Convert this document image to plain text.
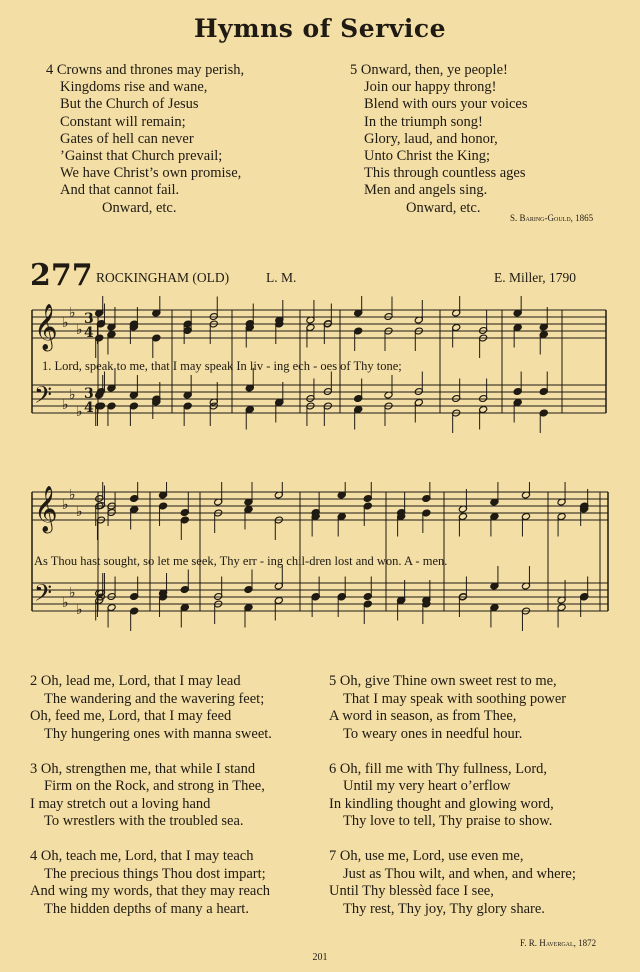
Hymns of Service
4 Crowns and thrones may perish,
Kingdoms rise and wane,
But the Church of Jesus
Constant will remain;
Gates of hell can never
’Gainst that Church prevail;
We have Christ’s own promise,
And that cannot fail.
Onward, etc.
5 Onward, then, ye people!
Join our happy throng!
Blend with ours your voices
In the triumph song!
Glory, laud, and honor,
Unto Christ the King;
This through countless ages
Men and angels sing.
Onward, etc.
S. Baring-Gould, 1865
277 ROCKINGHAM (OLD)	L. M.	E. Miller, 1790
𝄞
𝄢
♭
♭
♭
♭
♭
♭
3
4
3
4
1. Lord, speak to me, that I may speak In liv - ing ech - oes of Thy tone;
𝄞
𝄢
♭
♭
♭
♭
♭
♭
As Thou hast sought, so let me seek, Thy err - ing chil-dren lost and won. A - men.
2 Oh, lead me, Lord, that I may lead
The wandering and the wavering feet;
Oh, feed me, Lord, that I may feed
Thy hungering ones with manna sweet.
3 Oh, strengthen me, that while I stand
Firm on the Rock, and strong in Thee,
I may stretch out a loving hand
To wrestlers with the troubled sea.
4 Oh, teach me, Lord, that I may teach
The precious things Thou dost impart;
And wing my words, that they may reach
The hidden depths of many a heart.
5 Oh, give Thine own sweet rest to me,
That I may speak with soothing power
A word in season, as from Thee,
To weary ones in needful hour.
6 Oh, fill me with Thy fullness, Lord,
Until my very heart o’erflow
In kindling thought and glowing word,
Thy love to tell, Thy praise to show.
7 Oh, use me, Lord, use even me,
Just as Thou wilt, and when, and where;
Until Thy blessèd face I see,
Thy rest, Thy joy, Thy glory share.
F. R. Havergal, 1872
201
